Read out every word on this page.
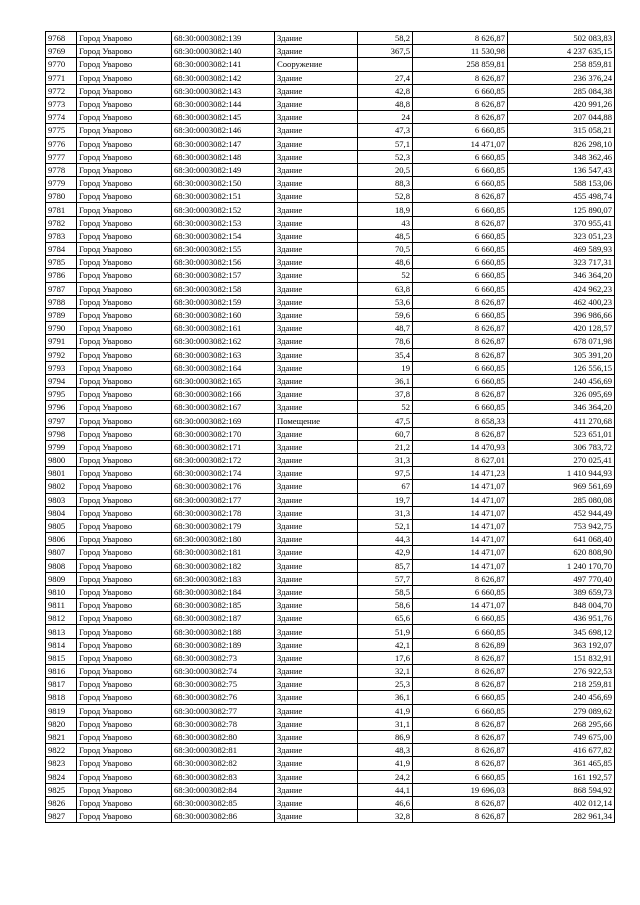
9768	Город Уварово	68:30:0003082:139	Здание	58,2	8 626,87	502 083,83
9769	Город Уварово	68:30:0003082:140	Здание	367,5	11 530,98	4 237 635,15
9770	Город Уварово	68:30:0003082:141	Сооружение		258 859,81	258 859,81
9771	Город Уварово	68:30:0003082:142	Здание	27,4	8 626,87	236 376,24
9772	Город Уварово	68:30:0003082:143	Здание	42,8	6 660,85	285 084,38
9773	Город Уварово	68:30:0003082:144	Здание	48,8	8 626,87	420 991,26
9774	Город Уварово	68:30:0003082:145	Здание	24	8 626,87	207 044,88
9775	Город Уварово	68:30:0003082:146	Здание	47,3	6 660,85	315 058,21
9776	Город Уварово	68:30:0003082:147	Здание	57,1	14 471,07	826 298,10
9777	Город Уварово	68:30:0003082:148	Здание	52,3	6 660,85	348 362,46
9778	Город Уварово	68:30:0003082:149	Здание	20,5	6 660,85	136 547,43
9779	Город Уварово	68:30:0003082:150	Здание	88,3	6 660,85	588 153,06
9780	Город Уварово	68:30:0003082:151	Здание	52,8	8 626,87	455 498,74
9781	Город Уварово	68:30:0003082:152	Здание	18,9	6 660,85	125 890,07
9782	Город Уварово	68:30:0003082:153	Здание	43	8 626,87	370 955,41
9783	Город Уварово	68:30:0003082:154	Здание	48,5	6 660,85	323 051,23
9784	Город Уварово	68:30:0003082:155	Здание	70,5	6 660,85	469 589,93
9785	Город Уварово	68:30:0003082:156	Здание	48,6	6 660,85	323 717,31
9786	Город Уварово	68:30:0003082:157	Здание	52	6 660,85	346 364,20
9787	Город Уварово	68:30:0003082:158	Здание	63,8	6 660,85	424 962,23
9788	Город Уварово	68:30:0003082:159	Здание	53,6	8 626,87	462 400,23
9789	Город Уварово	68:30:0003082:160	Здание	59,6	6 660,85	396 986,66
9790	Город Уварово	68:30:0003082:161	Здание	48,7	8 626,87	420 128,57
9791	Город Уварово	68:30:0003082:162	Здание	78,6	8 626,87	678 071,98
9792	Город Уварово	68:30:0003082:163	Здание	35,4	8 626,87	305 391,20
9793	Город Уварово	68:30:0003082:164	Здание	19	6 660,85	126 556,15
9794	Город Уварово	68:30:0003082:165	Здание	36,1	6 660,85	240 456,69
9795	Город Уварово	68:30:0003082:166	Здание	37,8	8 626,87	326 095,69
9796	Город Уварово	68:30:0003082:167	Здание	52	6 660,85	346 364,20
9797	Город Уварово	68:30:0003082:169	Помещение	47,5	8 658,33	411 270,68
9798	Город Уварово	68:30:0003082:170	Здание	60,7	8 626,87	523 651,01
9799	Город Уварово	68:30:0003082:171	Здание	21,2	14 470,93	306 783,72
9800	Город Уварово	68:30:0003082:172	Здание	31,3	8 627,01	270 025,41
9801	Город Уварово	68:30:0003082:174	Здание	97,5	14 471,23	1 410 944,93
9802	Город Уварово	68:30:0003082:176	Здание	67	14 471,07	969 561,69
9803	Город Уварово	68:30:0003082:177	Здание	19,7	14 471,07	285 080,08
9804	Город Уварово	68:30:0003082:178	Здание	31,3	14 471,07	452 944,49
9805	Город Уварово	68:30:0003082:179	Здание	52,1	14 471,07	753 942,75
9806	Город Уварово	68:30:0003082:180	Здание	44,3	14 471,07	641 068,40
9807	Город Уварово	68:30:0003082:181	Здание	42,9	14 471,07	620 808,90
9808	Город Уварово	68:30:0003082:182	Здание	85,7	14 471,07	1 240 170,70
9809	Город Уварово	68:30:0003082:183	Здание	57,7	8 626,87	497 770,40
9810	Город Уварово	68:30:0003082:184	Здание	58,5	6 660,85	389 659,73
9811	Город Уварово	68:30:0003082:185	Здание	58,6	14 471,07	848 004,70
9812	Город Уварово	68:30:0003082:187	Здание	65,6	6 660,85	436 951,76
9813	Город Уварово	68:30:0003082:188	Здание	51,9	6 660,85	345 698,12
9814	Город Уварово	68:30:0003082:189	Здание	42,1	8 626,89	363 192,07
9815	Город Уварово	68:30:0003082:73	Здание	17,6	8 626,87	151 832,91
9816	Город Уварово	68:30:0003082:74	Здание	32,1	8 626,87	276 922,53
9817	Город Уварово	68:30:0003082:75	Здание	25,3	8 626,87	218 259,81
9818	Город Уварово	68:30:0003082:76	Здание	36,1	6 660,85	240 456,69
9819	Город Уварово	68:30:0003082:77	Здание	41,9	6 660,85	279 089,62
9820	Город Уварово	68:30:0003082:78	Здание	31,1	8 626,87	268 295,66
9821	Город Уварово	68:30:0003082:80	Здание	86,9	8 626,87	749 675,00
9822	Город Уварово	68:30:0003082:81	Здание	48,3	8 626,87	416 677,82
9823	Город Уварово	68:30:0003082:82	Здание	41,9	8 626,87	361 465,85
9824	Город Уварово	68:30:0003082:83	Здание	24,2	6 660,85	161 192,57
9825	Город Уварово	68:30:0003082:84	Здание	44,1	19 696,03	868 594,92
9826	Город Уварово	68:30:0003082:85	Здание	46,6	8 626,87	402 012,14
9827	Город Уварово	68:30:0003082:86	Здание	32,8	8 626,87	282 961,34
